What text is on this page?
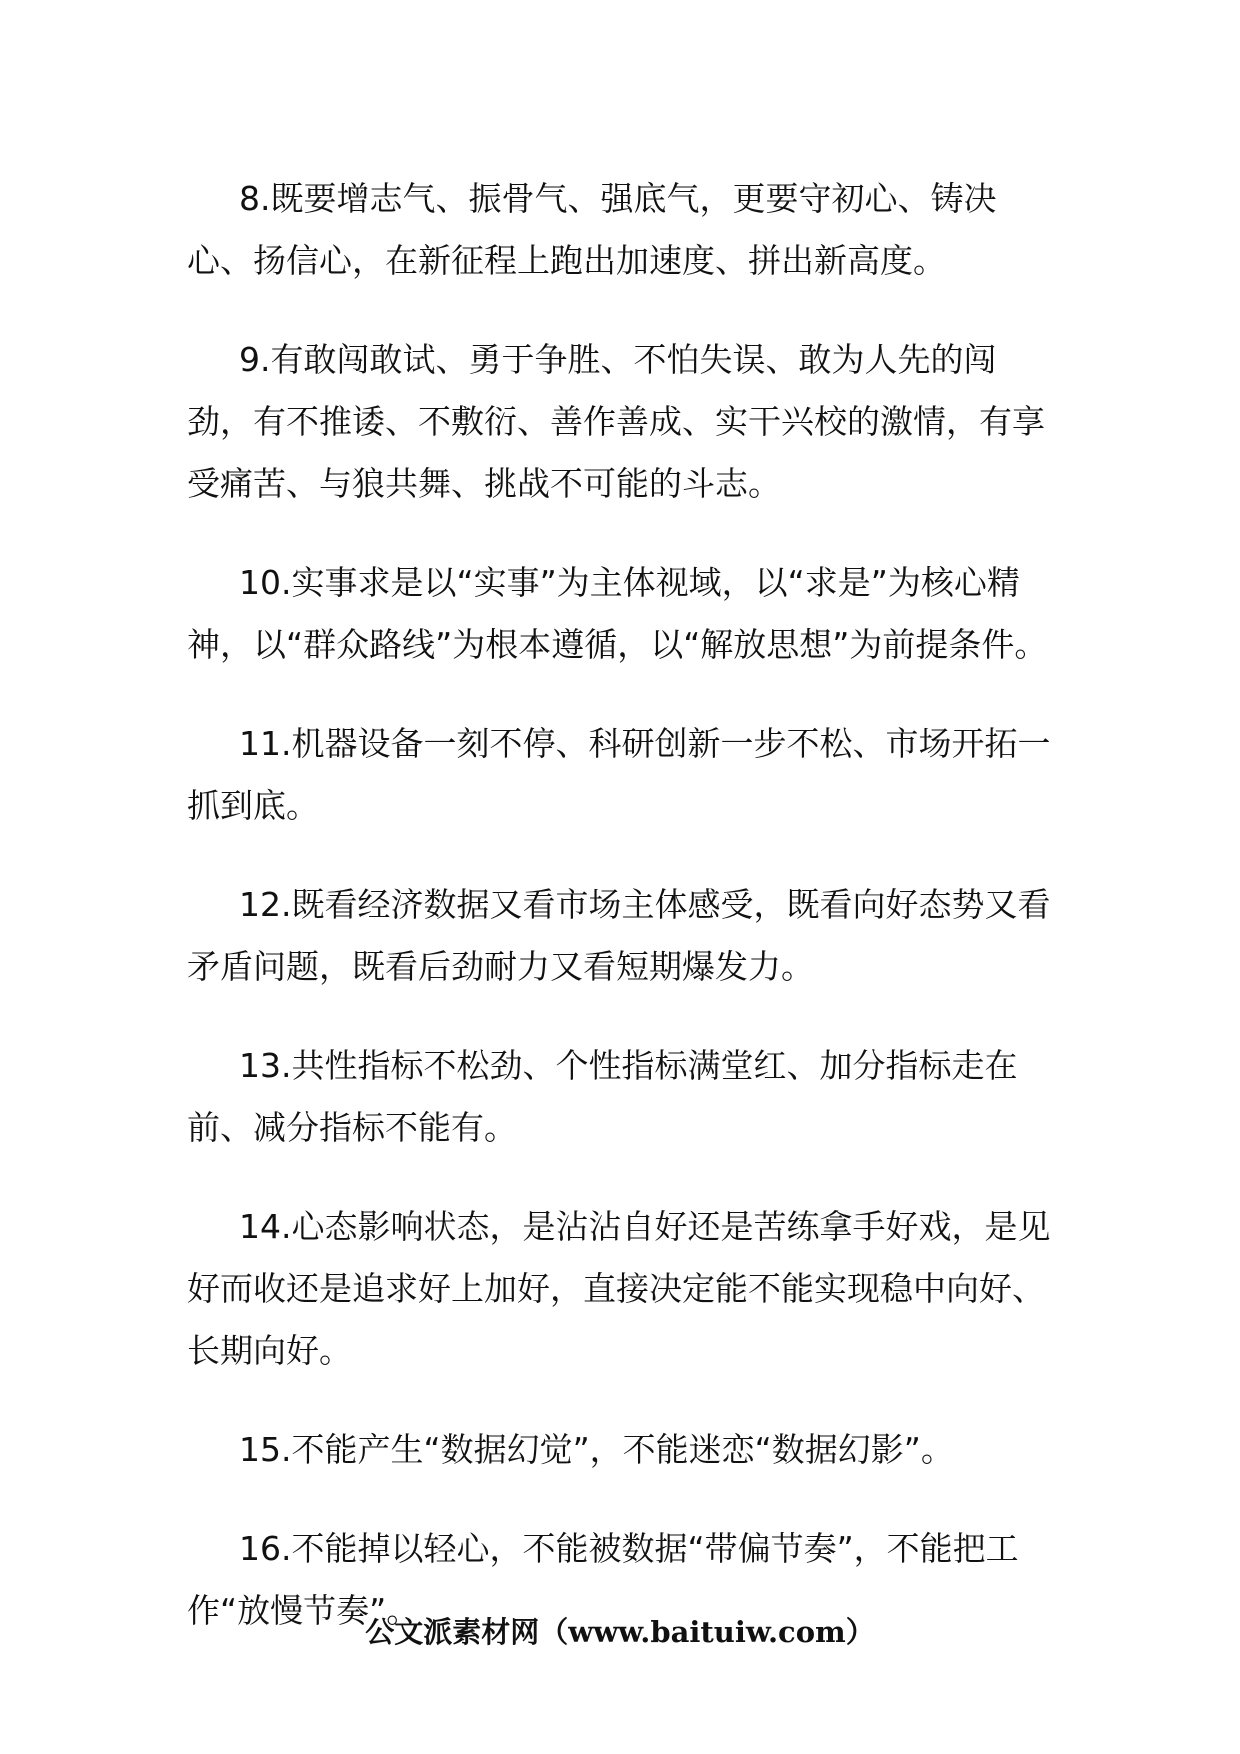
8.既要增志气、振骨气、强底气，更要守初心、铸决心、扬信心，在新征程上跑出加速度、拼出新高度。

9.有敢闯敢试、勇于争胜、不怕失误、敢为人先的闯劲，有不推诿、不敷衍、善作善成、实干兴校的激情，有享受痛苦、与狼共舞、挑战不可能的斗志。

10.实事求是以“实事”为主体视域，以“求是”为核心精神，以“群众路线”为根本遵循，以“解放思想”为前提条件。

11.机器设备一刻不停、科研创新一步不松、市场开拓一抓到底。

12.既看经济数据又看市场主体感受，既看向好态势又看矛盾问题，既看后劲耐力又看短期爆发力。

13.共性指标不松劲、个性指标满堂红、加分指标走在前、减分指标不能有。

14.心态影响状态，是沾沾自好还是苦练拿手好戏，是见好而收还是追求好上加好，直接决定能不能实现稳中向好、长期向好。

15.不能产生“数据幻觉”，不能迷恋“数据幻影”。

16.不能掉以轻心，不能被数据“带偏节奏”，不能把工作“放慢节奏”。

公文派素材网（www.baituiw.com）
